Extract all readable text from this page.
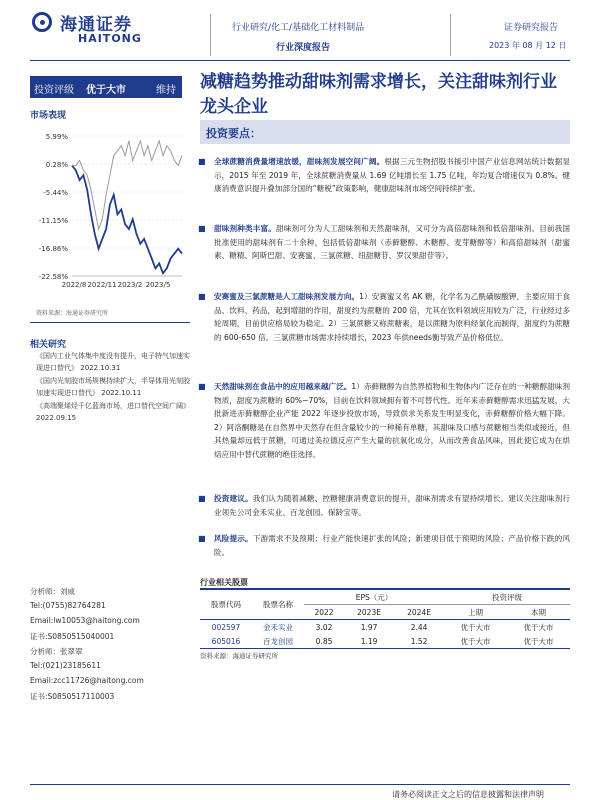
海通证券
HAITONG
行业研究/化工/基础化工材料制品
行业深度报告
证券研究报告
2023 年 08 月 12 日
投资评级 优于大市	维持
市场表现
5.99%
0.28%
-5.44%
-11.15%
-16.86%
-22.58%
2022/8 2022/11 2023/2 2023/5
资料来源：海通证券研究所
相关研究
《国内工业气体集中度没有提升，电子特气加速实现进口替代》 2022.10.31
《国内光刻胶市场规模持续扩大，半导体用光刻胶加速实现进口替代》 2022.10.11
《高端聚烯烃千亿蓝海市场，进口替代空间广阔》 2022.09.15
分析师：刘威
Tel:(0755)82764281
Email:lw10053@haitong.com
证书:S0850515040001
分析师：张翠翠
Tel:(021)23185611
Email:zcc11726@haitong.com
证书:S0850517110003
减糖趋势推动甜味剂需求增长，关注甜味剂行业龙头企业
投资要点：
■ 全球蔗糖消费量增速放缓，甜味剂发展空间广阔。根据三元生物招股书援引中国产业信息网站统计数据显示，2015 年至 2019 年，全球蔗糖消费量从 1.69 亿吨增长至 1.75 亿吨，年均复合增速仅为 0.8%。健康消费意识提升叠加部分国的“糖税”政策影响，健康甜味剂市场空间持续扩张。
■ 甜味剂种类丰富。甜味剂可分为人工甜味剂和天然甜味剂，又可分为高倍甜味剂和低倍甜味剂。目前我国批准使用的甜味剂有二十余种，包括低倍甜味剂（赤藓糖醇、木糖醇、麦芽糖醇等）和高倍甜味剂（甜蜜素、糖精、阿斯巴甜、安赛蜜、三氯蔗糖、纽甜糖苷、罗汉果甜苷等）。
■ 安赛蜜及三氯蔗糖是人工甜味剂发展方向。1）安赛蜜又名 AK 糖，化学名为乙酰磺胺酸钾，主要应用于食品、饮料、药品，起到增甜的作用，甜度约为蔗糖的 200 倍，尤其在饮料领域应用较为广泛，行业经过多轮周期，目前供应格局较为稳定。2）三氯蔗糖又称蔗糖素，是以蔗糖为原料经氯化而制得，甜度约为蔗糖的 600-650 倍。三氯蔗糖市场需求持续增长，2023 年供needs衡导致产品价格低位。
■ 天然甜味剂在食品中的应用越来越广泛。1）赤藓糖醇为自然界植物和生物体内广泛存在的一种糖醇甜味剂物质，甜度为蔗糖的 60%~70%，目前在饮料领域拥有着不可替代性。近年来赤藓糖醇需求迅猛发展，大批新进赤藓糖醇企业产能 2022 年逐步投放市场，导致供求关系发生明显变化，赤藓糖醇价格大幅下降。2）阿洛酮糖是在自然界中天然存在但含量较少的一种稀有单糖，其甜味及口感与蔗糖相当类似或接近，但其热量却远低于蔗糖，可通过美拉德反应产生大量的抗氧化成分，从而改善食品风味，因此使它成为在烘焙应用中替代蔗糖的绝佳选择。
■ 投资建议。我们认为随着减糖、控糖健康消费意识的提升，甜味剂需求有望持续增长。建议关注甜味剂行业领先公司金禾实业、百龙创园、保龄宝等。
■ 风险提示。下游需求不及预期；行业产能快速扩张的风险；新建项目低于预期的风险；产品价格下跌的风险。
行业相关股票
股票代码	股票名称	EPS（元）			投资评级	
		2022	2023E	2024E	上期	本期
002597	金禾实业	3.02	1.97	2.44	优于大市	优于大市
605016	百龙创园	0.85	1.19	1.52	优于大市	优于大市
资料来源：海通证券研究所
请务必阅读正文之后的信息披露和法律声明
